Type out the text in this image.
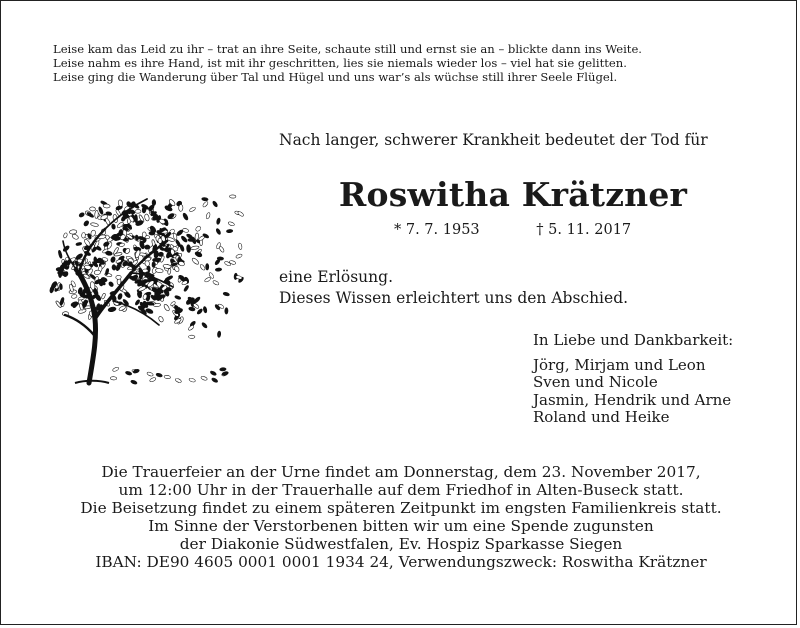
Leise kam das Leid zu ihr – trat an ihre Seite, schaute still und ernst sie an – blickte dann ins Weite.
Leise nahm es ihre Hand, ist mit ihr geschritten, lies sie niemals wieder los – viel hat sie gelitten.
Leise ging die Wanderung über Tal und Hügel und uns war’s als wüchse still ihrer Seele Flügel.
Nach langer, schwerer Krankheit bedeutet der Tod für
Roswitha Krätzner
* 7. 7. 1953	† 5. 11. 2017
eine Erlösung.
Dieses Wissen erleichtert uns den Abschied.
In Liebe und Dankbarkeit:
Jörg, Mirjam und Leon
Sven und Nicole
Jasmin, Hendrik und Arne
Roland und Heike
Die Trauerfeier an der Urne findet am Donnerstag, dem 23. November 2017,
um 12:00 Uhr in der Trauerhalle auf dem Friedhof in Alten-Buseck statt.
Die Beisetzung findet zu einem späteren Zeitpunkt im engsten Familienkreis statt.
Im Sinne der Verstorbenen bitten wir um eine Spende zugunsten
der Diakonie Südwestfalen, Ev. Hospiz Sparkasse Siegen
IBAN: DE90 4605 0001 0001 1934 24, Verwendungszweck: Roswitha Krätzner
